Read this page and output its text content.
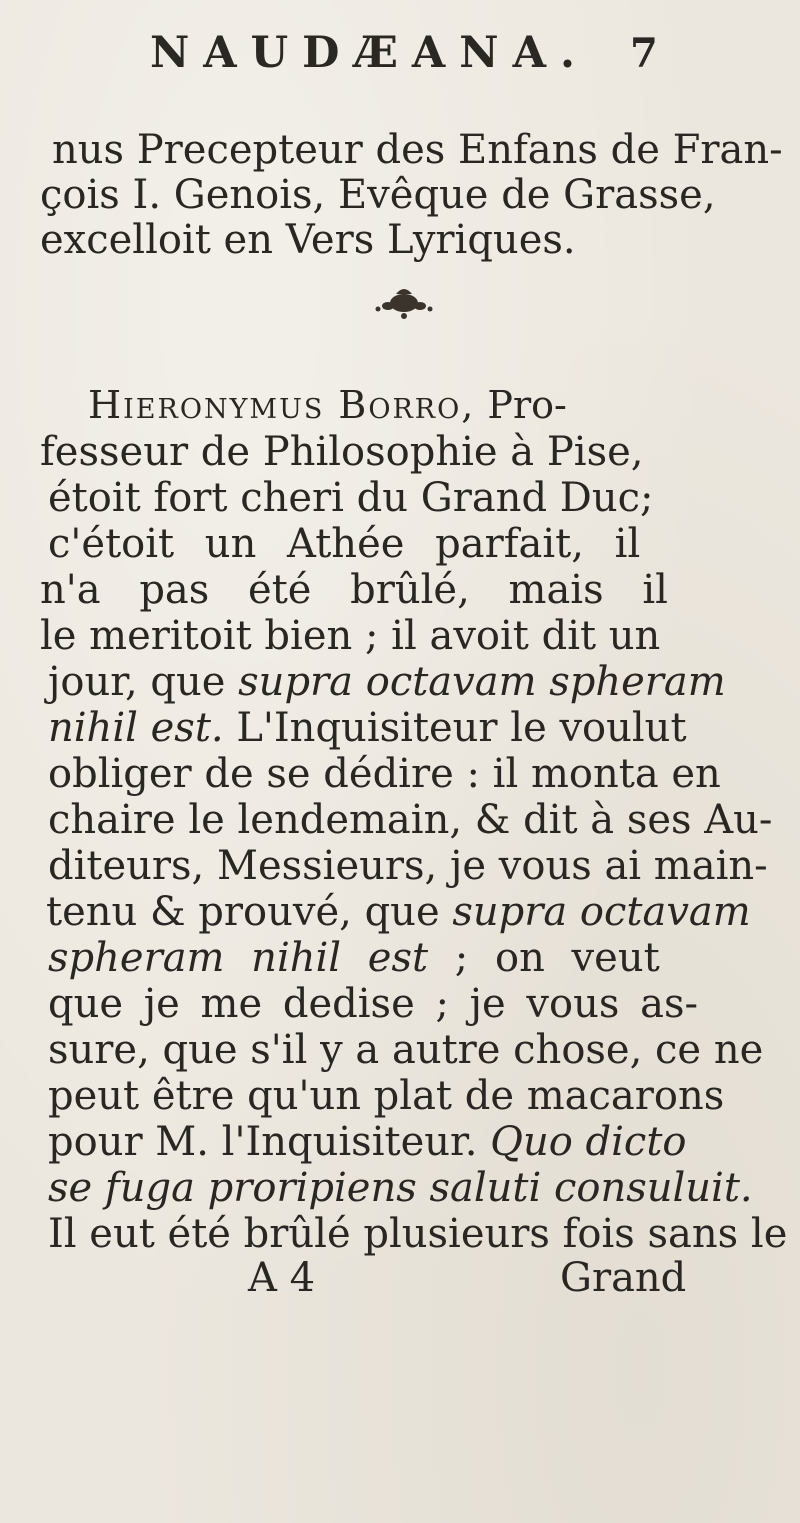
NAUDÆANA. 7
nus Precepteur des Enfans de Fran-
çois I. Genois, Evêque de Grasse,
excelloit en Vers Lyriques.
Hieronymus Borro, Pro-
fesseur de Philosophie à Pise,
étoit fort cheri du Grand Duc;
c'étoit un Athée parfait, il
n'a pas été brûlé, mais il
le meritoit bien ; il avoit dit un
jour, que supra octavam spheram
nihil est. L'Inquisiteur le voulut
obliger de se dédire : il monta en
chaire le lendemain, & dit à ses Au-
diteurs, Messieurs, je vous ai main-
tenu & prouvé, que supra octavam
spheram nihil est ; on veut
que je me dedise ; je vous as-
sure, que s'il y a autre chose, ce ne
peut être qu'un plat de macarons
pour M. l'Inquisiteur. Quo dicto
se fuga proripiens saluti consuluit.
Il eut été brûlé plusieurs fois sans le
A 4	Grand
